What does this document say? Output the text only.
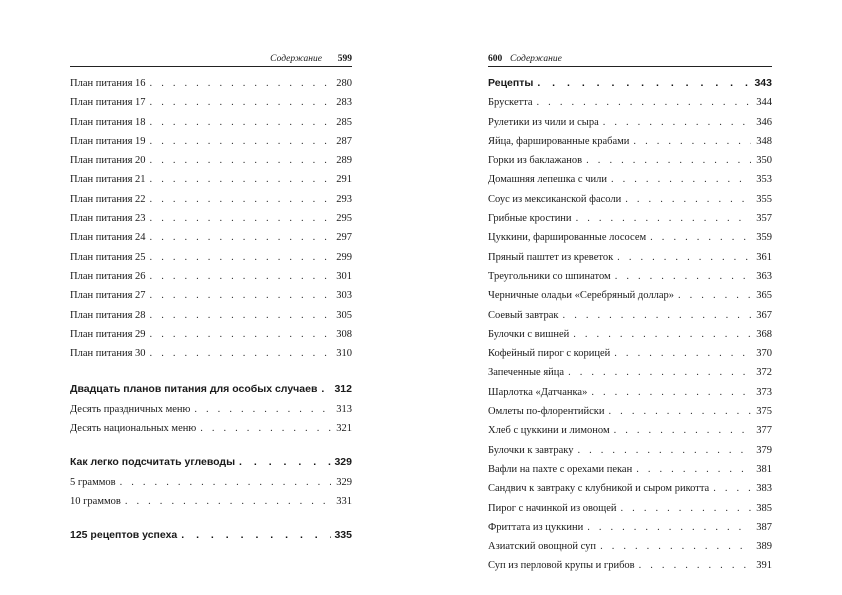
Содержание 599
План питания 16 . . .	280
План питания 17 . . .	283
План питания 18 . . .	285
План питания 19 . . .	287
План питания 20 . . .	289
План питания 21 . . .	291
План питания 22 . . .	293
План питания 23 . . .	295
План питания 24 . . .	297
План питания 25 . . .	299
План питания 26 . . .	301
План питания 27 . . .	303
План питания 28 . . .	305
План питания 29 . . .	308
План питания 30 . . .	310
Двадцать планов питания для особых случаев . . .	312
Десять праздничных меню . . .	313
Десять национальных меню . . .	321
Как легко подсчитать углеводы . . .	329
5 граммов . . .	329
10 граммов . . .	331
125 рецептов успеха . . .	335
600 Содержание
Рецепты . . .	343
Брускетта . . .	344
Рулетики из чили и сыра . . .	346
Яйца, фаршированные крабами . . .	348
Горки из баклажанов . . .	350
Домашняя лепешка с чили . . .	353
Соус из мексиканской фасоли . . .	355
Грибные кростини . . .	357
Цуккини, фаршированные лососем . . .	359
Пряный паштет из креветок . . .	361
Треугольники со шпинатом . . .	363
Черничные оладьи «Серебряный доллар» . . .	365
Соевый завтрак . . .	367
Булочки с вишней . . .	368
Кофейный пирог с корицей . . .	370
Запеченные яйца . . .	372
Шарлотка «Датчанка» . . .	373
Омлеты по-флорентийски . . .	375
Хлеб с цуккини и лимоном . . .	377
Булочки к завтраку . . .	379
Вафли на пахте с орехами пекан . . .	381
Сандвич к завтраку с клубникой и сыром рикотта . . .	383
Пирог с начинкой из овощей . . .	385
Фриттата из цуккини . . .	387
Азиатский овощной суп . . .	389
Суп из перловой крупы и грибов . . .	391
